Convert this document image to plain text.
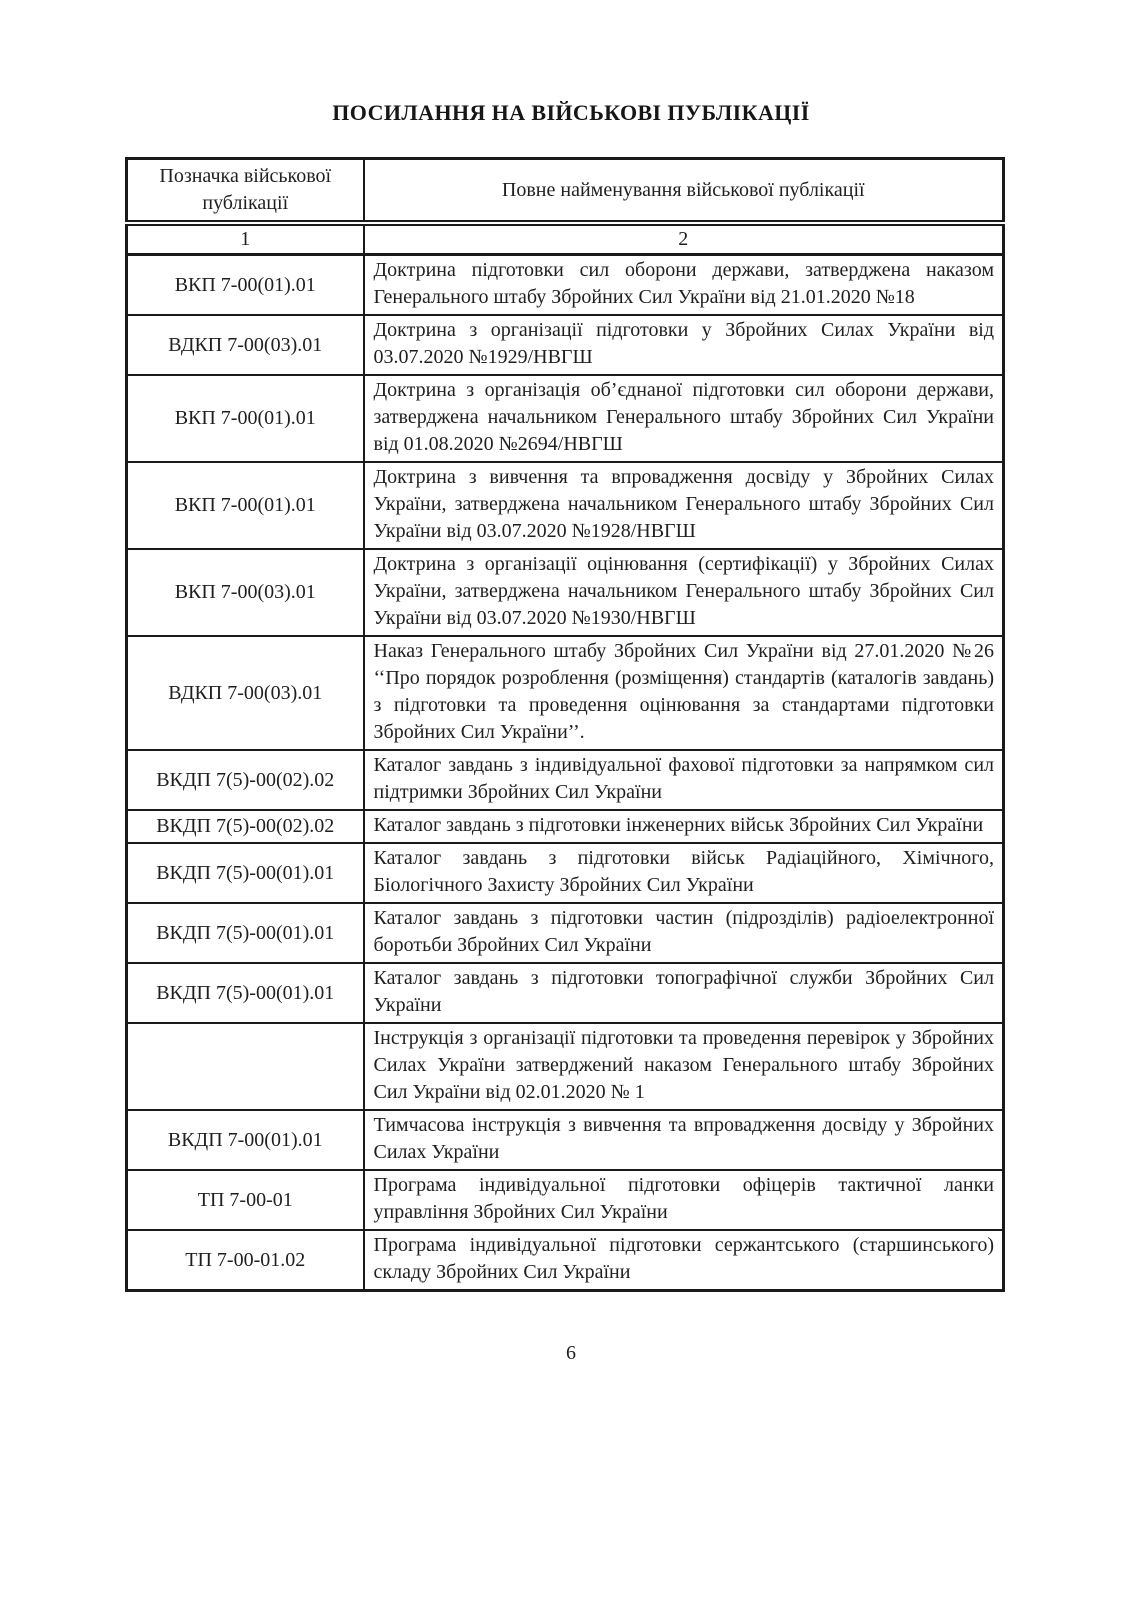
ПОСИЛАННЯ НА ВІЙСЬКОВІ ПУБЛІКАЦІЇ
Позначка військової публікації	Повне найменування військової публікації
1	2
ВКП 7-00(01).01	Доктрина підготовки сил оборони держави, затверджена наказом Генерального штабу Збройних Сил України від 21.01.2020 №18
ВДКП 7-00(03).01	Доктрина з організації підготовки у Збройних Силах України від 03.07.2020 №1929/НВГШ
ВКП 7-00(01).01	Доктрина з організація об’єднаної підготовки сил оборони держави, затверджена начальником Генерального штабу Збройних Сил України від 01.08.2020 №2694/НВГШ
ВКП 7-00(01).01	Доктрина з вивчення та впровадження досвіду у Збройних Силах України, затверджена начальником Генерального штабу Збройних Сил України від 03.07.2020 №1928/НВГШ
ВКП 7-00(03).01	Доктрина з організації оцінювання (сертифікації) у Збройних Силах України, затверджена начальником Генерального штабу Збройних Сил України від 03.07.2020 №1930/НВГШ
ВДКП 7-00(03).01	Наказ Генерального штабу Збройних Сил України від 27.01.2020 №26 ‘‘Про порядок розроблення (розміщення) стандартів (каталогів завдань) з підготовки та проведення оцінювання за стандартами підготовки Збройних Сил України’’.
ВКДП 7(5)-00(02).02	Каталог завдань з індивідуальної фахової підготовки за напрямком сил підтримки Збройних Сил України
ВКДП 7(5)-00(02).02	Каталог завдань з підготовки інженерних військ Збройних Сил України
ВКДП 7(5)-00(01).01	Каталог завдань з підготовки військ Радіаційного, Хімічного, Біологічного Захисту Збройних Сил України
ВКДП 7(5)-00(01).01	Каталог завдань з підготовки частин (підрозділів) радіоелектронної боротьби Збройних Сил України
ВКДП 7(5)-00(01).01	Каталог завдань з підготовки топографічної служби Збройних Сил України
	Інструкція з організації підготовки та проведення перевірок у Збройних Силах України затверджений наказом Генерального штабу Збройних Сил України від 02.01.2020 № 1
ВКДП 7-00(01).01	Тимчасова інструкція з вивчення та впровадження досвіду у Збройних Силах України
ТП 7-00-01	Програма індивідуальної підготовки офіцерів тактичної ланки управління Збройних Сил України
ТП 7-00-01.02	Програма індивідуальної підготовки сержантського (старшинського) складу Збройних Сил України
6
